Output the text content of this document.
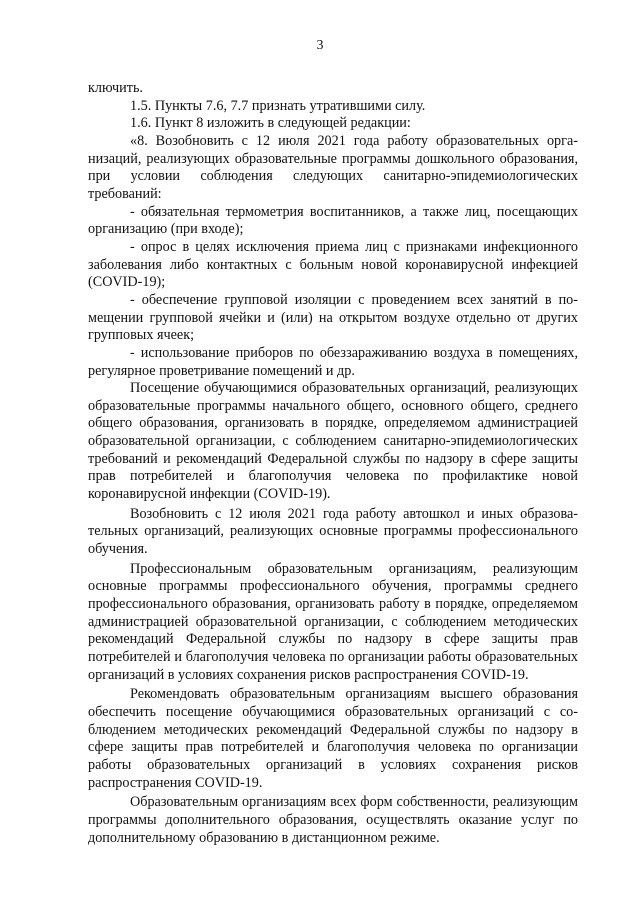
3

ключить.

1.5. Пункты 7.6, 7.7 признать утратившими силу.

1.6. Пункт 8 изложить в следующей редакции:

«8. Возобновить с 12 июля 2021 года работу образовательных организаций, реализующих образовательные программы дошкольного образования, при условии соблюдения следующих санитарно-эпидемиологических требований:

- обязательная термометрия воспитанников, а также лиц, посещающих организацию (при входе);

- опрос в целях исключения приема лиц с признаками инфекционного заболевания либо контактных с больным новой коронавирусной инфекцией (COVID-19);

- обеспечение групповой изоляции с проведением всех занятий в помещении групповой ячейки и (или) на открытом воздухе отдельно от других групповых ячеек;

- использование приборов по обеззараживанию воздуха в помещениях, регулярное проветривание помещений и др.

Посещение обучающимися образовательных организаций, реализующих образовательные программы начального общего, основного общего, среднего общего образования, организовать в порядке, определяемом администрацией образовательной организации, с соблюдением санитарно-эпидемиологических требований и рекомендаций Федеральной службы по надзору в сфере защиты прав потребителей и благополучия человека по профилактике новой коронавирусной инфекции (COVID-19).

Возобновить с 12 июля 2021 года работу автошкол и иных образовательных организаций, реализующих основные программы профессионального обучения.

Профессиональным образовательным организациям, реализующим основные программы профессионального обучения, программы среднего профессионального образования, организовать работу в порядке, определяемом администрацией образовательной организации, с соблюдением методических рекомендаций Федеральной службы по надзору в сфере защиты прав потребителей и благополучия человека по организации работы образовательных организаций в условиях сохранения рисков распространения COVID-19.

Рекомендовать образовательным организациям высшего образования обеспечить посещение обучающимися образовательных организаций с соблюдением методических рекомендаций Федеральной службы по надзору в сфере защиты прав потребителей и благополучия человека по организации работы образовательных организаций в условиях сохранения рисков распространения COVID-19.

Образовательным организациям всех форм собственности, реализующим программы дополнительного образования, осуществлять оказание услуг по дополнительному образованию в дистанционном режиме.
